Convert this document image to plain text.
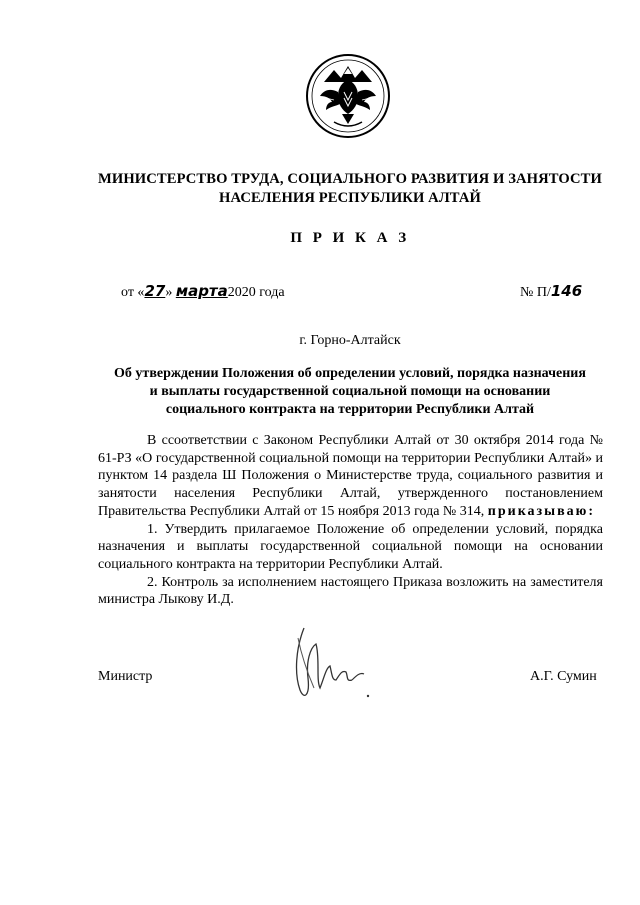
МИНИСТЕРСТВО ТРУДА, СОЦИАЛЬНОГО РАЗВИТИЯ И ЗАНЯТОСТИ
НАСЕЛЕНИЯ РЕСПУБЛИКИ АЛТАЙ
П Р И К А З
от «27» марта2020 года	№ П/146
г. Горно-Алтайск
Об утверждении Положения об определении условий, порядка назначения
и выплаты государственной социальной помощи на основании
социального контракта на территории Республики Алтай

В ссоответствии с Законом Республики Алтай от 30 октября 2014 года № 61-РЗ «О государственной социальной помощи на территории Республики Алтай» и пунктом 14 раздела Ш Положения о Министерстве труда, социального развития и занятости населения Республики Алтай, утвержденного постановлением Правительства Республики Алтай от 15 ноября 2013 года № 314, приказываю:

1. Утвердить прилагаемое Положение об определении условий, порядка назначения и выплаты государственной социальной помощи на основании социального контракта на территории Республики Алтай.

2. Контроль за исполнением настоящего Приказа возложить на заместителя министра Лыкову И.Д.

Министр	А.Г. Сумин
